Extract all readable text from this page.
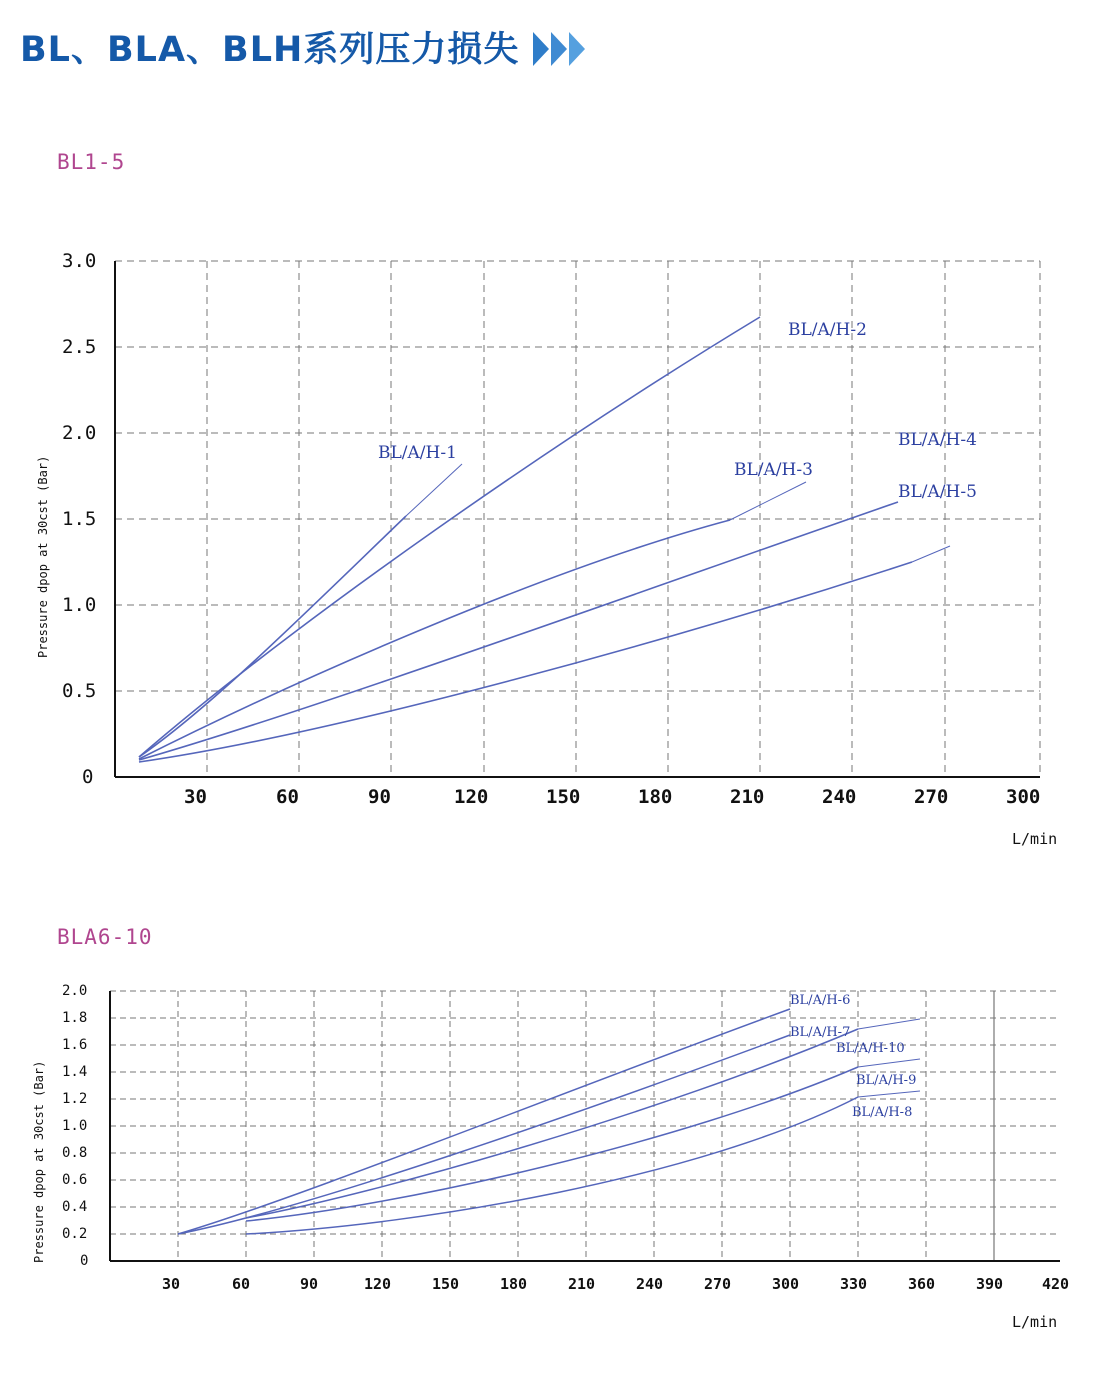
BL、BLA、BLH系列压力损失
BL1-5
Pressure dpop at 30cst (Bar)
3.0
2.5
2.0
1.5
1.0
0.5
0
30	60	90	120	150	180	210	240	270	300
L/min
BL/A/H-1
BL/A/H-2
BL/A/H-3
BL/A/H-4
BL/A/H-5
BLA6-10
Pressure dpop at 30cst (Bar)
2.0
1.8
1.6
1.4
1.2
1.0
0.8
0.6
0.4
0.2
0
30	60	90	120	150	180	210	240	270	300	330	360	390	420
L/min
BL/A/H-6
BL/A/H-7
BL/A/H-10
BL/A/H-9
BL/A/H-8
